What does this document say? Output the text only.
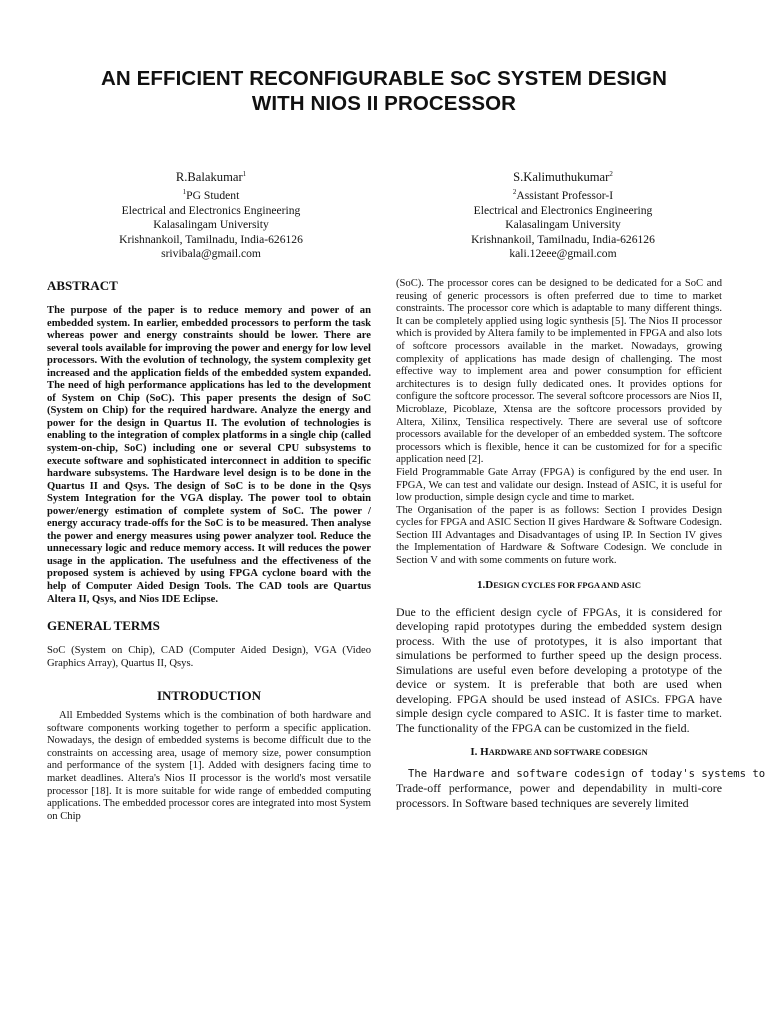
AN EFFICIENT RECONFIGURABLE SoC SYSTEM DESIGN
WITH NIOS II PROCESSOR
R.Balakumar$^1$
$^1$PG Student
Electrical and Electronics Engineering
Kalasalingam University
Krishnankoil, Tamilnadu, India-626126
srivibala@gmail.com
S.Kalimuthukumar$^2$
$^2$Assistant Professor-I
Electrical and Electronics Engineering
Kalasalingam University
Krishnankoil, Tamilnadu, India-626126
kali.12eee@gmail.com
ABSTRACT

The purpose of the paper is to reduce memory and power of an embedded system. In earlier, embedded processors to perform the task whereas power and energy constraints should be lower. There are several tools available for improving the power and energy for low level processors. With the evolution of technology, the system complexity get increased and the application fields of the embedded system expanded. The need of high performance applications has led to the development of System on Chip (SoC). This paper presents the design of SoC (System on Chip) for the required hardware. Analyze the energy and power for the design in Quartus II. The evolution of technologies is enabling to the integration of complex platforms in a single chip (called system-on-chip, SoC) including one or several CPU subsystems to execute software and sophisticated interconnect in addition to specific hardware subsystems. The Hardware level design is to be done in the Quartus II and Qsys. The design of SoC is to be done in the Qsys System Integration for the VGA display. The power tool to obtain power/energy estimation of complete system of SoC. The power / energy accuracy trade-offs for the SoC is to be measured. Then analyse the power and energy measures using power analyzer tool. Reduce the unnecessary logic and reduce memory access. It will reduces the power usage in the application. The usefulness and the effectiveness of the proposed system is achieved by using FPGA cyclone board with the help of Computer Aided Design Tools. The CAD tools are Quartus Altera II, Qsys, and Nios IDE Eclipse.

GENERAL TERMS

SoC (System on Chip), CAD (Computer Aided Design), VGA (Video Graphics Array), Quartus II, Qsys.

INTRODUCTION

All Embedded Systems which is the combination of both hardware and software components working together to perform a specific application. Nowadays, the design of embedded systems is become difficult due to the constraints on accessing area, usage of memory size, power consumption and performance of the system [1]. Added with designers facing time to market deadlines. Altera's Nios II processor is the world's most versatile processor [18]. It is more suitable for wide range of embedded computing applications. The embedded processor cores are integrated into most System on Chip

(SoC). The processor cores can be designed to be dedicated for a SoC and reusing of generic processors is often preferred due to time to market constraints. The processor core which is adaptable to many different things. It can be completely applied using logic synthesis [5]. The Nios II processor which is provided by Altera family to be implemented in FPGA and also lots of softcore processors available in the market. Nowadays, growing complexity of applications has made design of challenging. The most effective way to implement area and power consumption for efficient architectures is to design fully dedicated ones. It provides options for configure the softcore processor. The several softcore processors are Nios II, Microblaze, Picoblaze, Xtensa are the softcore processors provided by Altera, Xilinx, Tensilica respectively. There are several use of softcore processors available for the developer of an embedded system. The softcore processors which is flexible, hence it can be customized for for a specific application need [2].

Field Programmable Gate Array (FPGA) is configured by the end user. In FPGA, We can test and validate our design. Instead of ASIC, it is useful for low production, simple design cycle and time to market.

The Organisation of the paper is as follows: Section I provides Design cycles for FPGA and ASIC Section II gives Hardware & Software Codesign. Section III Advantages and Disadvantages of using IP. In Section IV gives the Implementation of Hardware & Software Codesign. We conclude in Section V and with some comments on future work.

1.DESIGN CYCLES FOR FPGA AND ASIC

Due to the efficient design cycle of FPGAs, it is considered for developing rapid prototypes during the embedded system design process. With the use of prototypes, it is also important that simulations be performed to further speed up the design process. Simulations are useful even before developing a prototype of the device or system. It is preferable that both are used when developing. FPGA should be used instead of ASICs. FPGA have simple design cycle compared to ASIC. It is faster time to market. The functionality of the FPGA can be customized in the field.

I. HARDWARE AND SOFTWARE CODESIGN

The Hardware and software codesign of today's systems to

Trade-off performance, power and dependability in multi-core processors. In Software based techniques are severely limited
